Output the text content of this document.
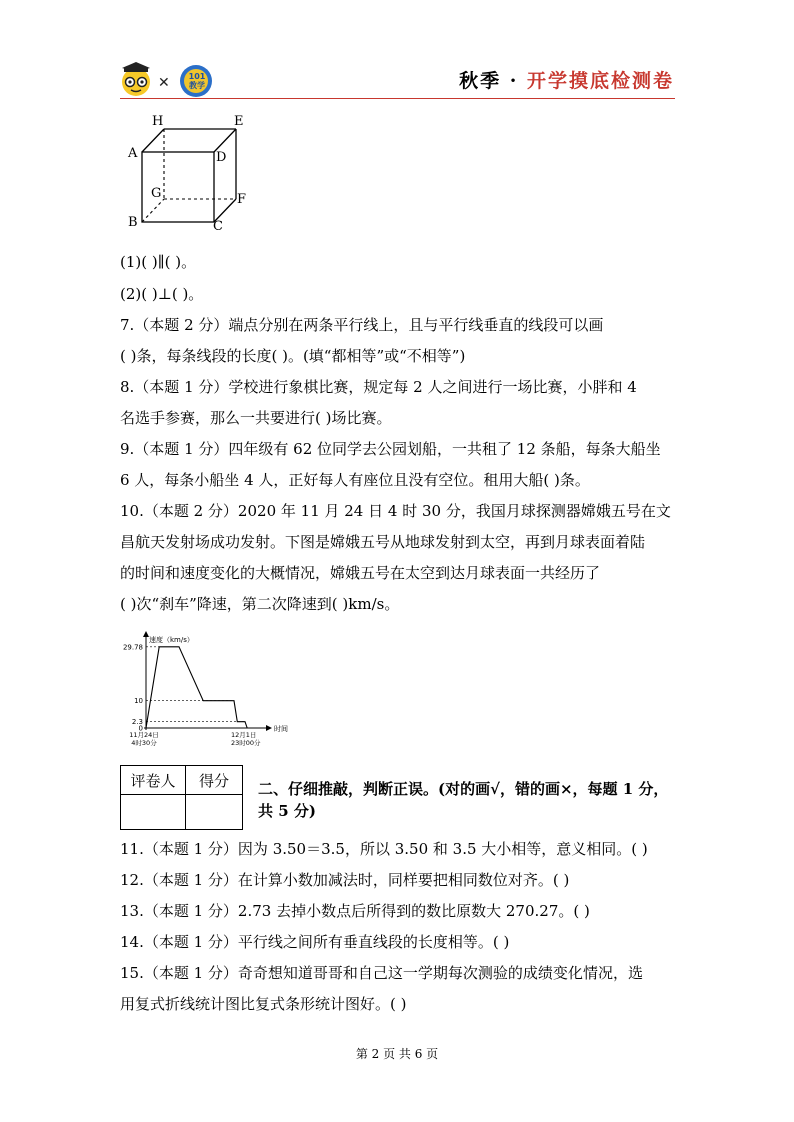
✕	101 教学	秋季 · 开学摸底检测卷
H	E
A	D
G	F
B	C
(1)( )∥( )。
(2)( )⊥( )。
7.（本题 2 分）端点分别在两条平行线上，且与平行线垂直的线段可以画
( )条，每条线段的长度( )。(填“都相等”或“不相等”)
8.（本题 1 分）学校进行象棋比赛，规定每 2 人之间进行一场比赛，小胖和 4
名选手参赛，那么一共要进行( )场比赛。
9.（本题 1 分）四年级有 62 位同学去公园划船，一共租了 12 条船，每条大船坐
6 人，每条小船坐 4 人，正好每人有座位且没有空位。租用大船( )条。
10.（本题 2 分）2020 年 11 月 24 日 4 时 30 分，我国月球探测器嫦娥五号在文
昌航天发射场成功发射。下图是嫦娥五号从地球发射到太空，再到月球表面着陆
的时间和速度变化的大概情况，嫦娥五号在太空到达月球表面一共经历了
( )次“刹车”降速，第二次降速到( )km/s。
速度（km/s）
时间
29.78
10
2.3
0
11月24日
4时30分
12月1日
23时00分
评卷人	得分
	二、仔细推敲，判断正误。(对的画√，错的画×，每题 1 分，共 5 分)
11.（本题 1 分）因为 3.50＝3.5，所以 3.50 和 3.5 大小相等，意义相同。( )
12.（本题 1 分）在计算小数加减法时，同样要把相同数位对齐。( )
13.（本题 1 分）2.73 去掉小数点后所得到的数比原数大 270.27。( )
14.（本题 1 分）平行线之间所有垂直线段的长度相等。( )
15.（本题 1 分）奇奇想知道哥哥和自己这一学期每次测验的成绩变化情况，选
用复式折线统计图比复式条形统计图好。( )
第 2 页 共 6 页
